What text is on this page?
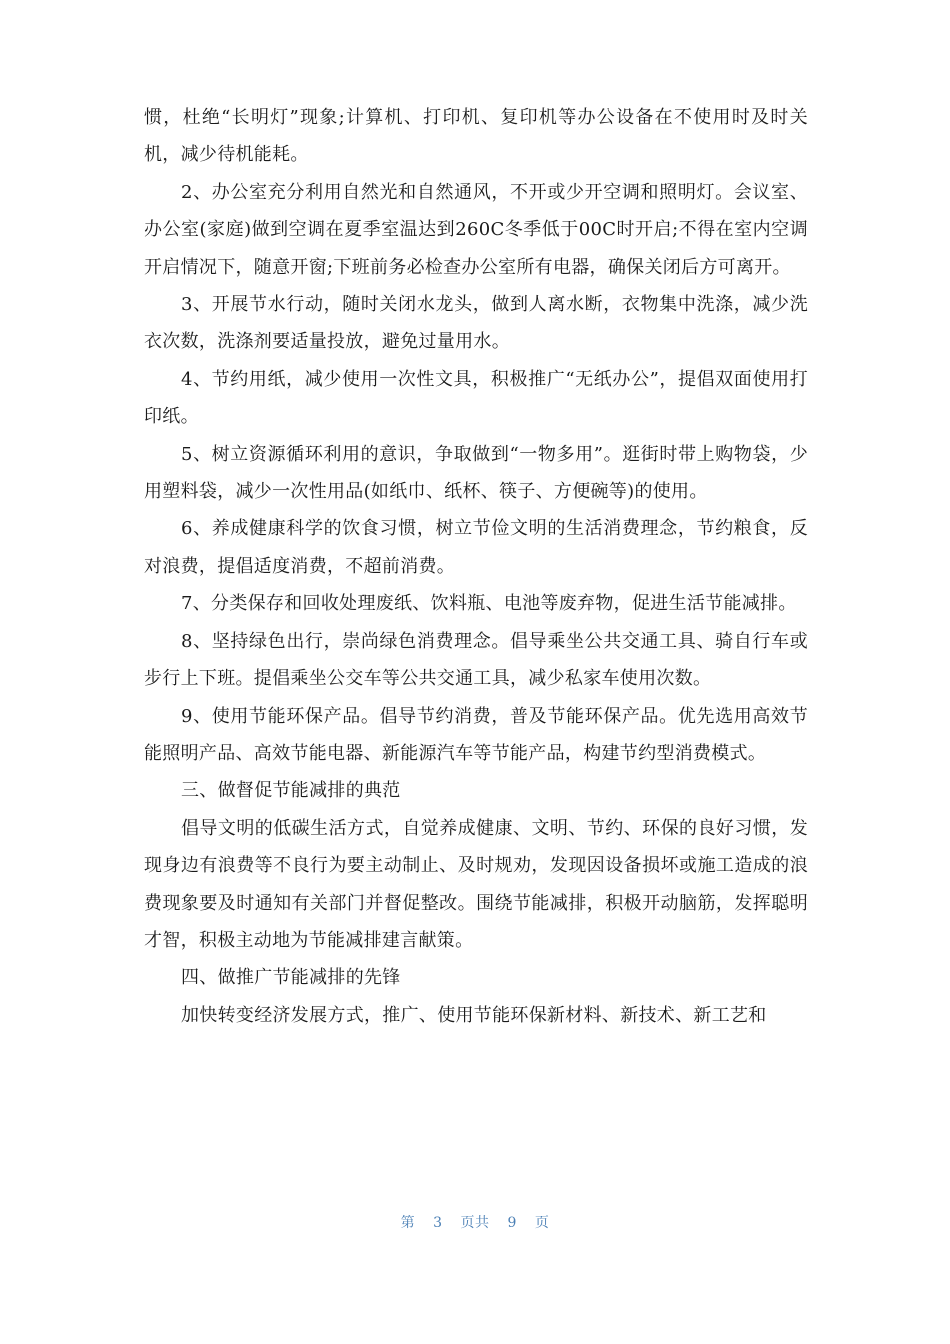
惯，杜绝“长明灯”现象;计算机、打印机、复印机等办公设备在不使用时及时关机，减少待机能耗。

2、办公室充分利用自然光和自然通风，不开或少开空调和照明灯。会议室、办公室(家庭)做到空调在夏季室温达到260C冬季低于00C时开启;不得在室内空调开启情况下，随意开窗;下班前务必检查办公室所有电器，确保关闭后方可离开。

3、开展节水行动，随时关闭水龙头，做到人离水断，衣物集中洗涤，减少洗衣次数，洗涤剂要适量投放，避免过量用水。

4、节约用纸，减少使用一次性文具，积极推广“无纸办公”，提倡双面使用打印纸。

5、树立资源循环利用的意识，争取做到“一物多用”。逛街时带上购物袋，少用塑料袋，减少一次性用品(如纸巾、纸杯、筷子、方便碗等)的使用。

6、养成健康科学的饮食习惯，树立节俭文明的生活消费理念，节约粮食，反对浪费，提倡适度消费，不超前消费。

7、分类保存和回收处理废纸、饮料瓶、电池等废弃物，促进生活节能减排。

8、坚持绿色出行，崇尚绿色消费理念。倡导乘坐公共交通工具、骑自行车或步行上下班。提倡乘坐公交车等公共交通工具，减少私家车使用次数。

9、使用节能环保产品。倡导节约消费，普及节能环保产品。优先选用高效节能照明产品、高效节能电器、新能源汽车等节能产品，构建节约型消费模式。

三、做督促节能减排的典范

倡导文明的低碳生活方式，自觉养成健康、文明、节约、环保的良好习惯，发现身边有浪费等不良行为要主动制止、及时规劝，发现因设备损坏或施工造成的浪费现象要及时通知有关部门并督促整改。围绕节能减排，积极开动脑筋，发挥聪明才智，积极主动地为节能减排建言献策。

四、做推广节能减排的先锋

加快转变经济发展方式，推广、使用节能环保新材料、新技术、新工艺和

第 3 页共 9 页
